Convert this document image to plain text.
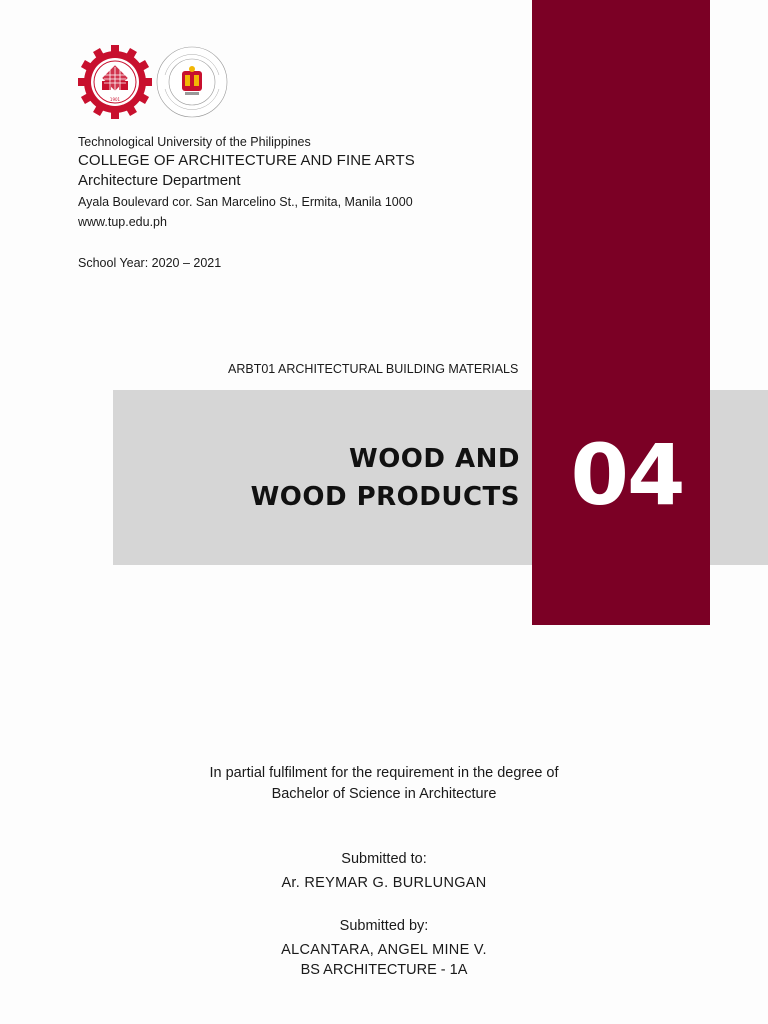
1901
Technological University of the Philippines
COLLEGE OF ARCHITECTURE AND FINE ARTS
Architecture Department
Ayala Boulevard cor. San Marcelino St., Ermita, Manila 1000
www.tup.edu.ph
School Year: 2020 – 2021
ARBT01 ARCHITECTURAL BUILDING MATERIALS
WOOD AND
WOOD PRODUCTS 04
In partial fulfilment for the requirement in the degree of
Bachelor of Science in Architecture
Submitted to:
Ar. REYMAR G. BURLUNGAN
Submitted by:
ALCANTARA, ANGEL MINE V.
BS ARCHITECTURE - 1A
